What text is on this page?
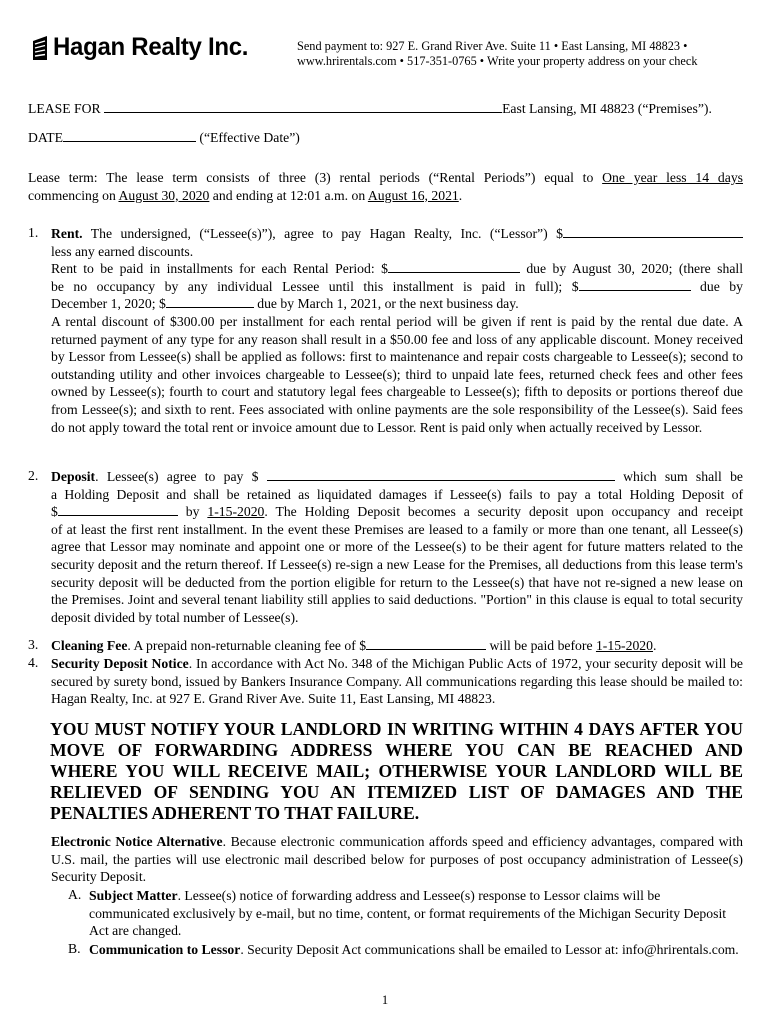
Hagan Realty Inc.	Send payment to: 927 E. Grand River Ave. Suite 11 • East Lansing, MI 48823 •
www.hrirentals.com • 517-351-0765 • Write your property address on your check
LEASE FOR	East Lansing, MI 48823 (“Premises”).
DATE	(“Effective Date”)
Lease term: The lease term consists of three (3) rental periods (“Rental Periods”) equal to One year less 14 days
commencing on August 30, 2020 and ending at 12:01 a.m. on August 16, 2021.
1. Rent. The undersigned, (“Lessee(s)”), agree to pay Hagan Realty, Inc. (“Lessor”) $
less any earned discounts.
Rent to be paid in installments for each Rental Period: $	due by August 30, 2020; (there shall
be no occupancy by any individual Lessee until this installment is paid in full); $	due by
December 1, 2020; $	due by March 1, 2021, or the next business day.
A rental discount of $300.00 per installment for each rental period will be given if rent is paid by the rental due date. A returned payment of any type for any reason shall result in a $50.00 fee and loss of any applicable discount. Money received by Lessor from Lessee(s) shall be applied as follows: first to maintenance and repair costs chargeable to Lessee(s); second to outstanding utility and other invoices chargeable to Lessee(s); third to unpaid late fees, returned check fees and other fees owned by Lessee(s); fourth to court and statutory legal fees chargeable to Lessee(s); fifth to deposits or portions thereof due from Lessee(s); and sixth to rent. Fees associated with online payments are the sole responsibility of the Lessee(s). Said fees do not apply toward the total rent or invoice amount due to Lessor. Rent is paid only when actually received by Lessor.
2. Deposit. Lessee(s) agree to pay $	which sum shall be
a Holding Deposit and shall be retained as liquidated damages if Lessee(s) fails to pay a total Holding Deposit of
$	by 1-15-2020. The Holding Deposit becomes a security deposit upon occupancy and receipt
of at least the first rent installment. In the event these Premises are leased to a family or more than one tenant, all Lessee(s) agree that Lessor may nominate and appoint one or more of the Lessee(s) to be their agent for future matters related to the security deposit and the return thereof. If Lessee(s) re-sign a new Lease for the Premises, all deductions from this lease term's security deposit will be deducted from the portion eligible for return to the Lessee(s) that have not re-signed a new lease on the Premises. Joint and several tenant liability still applies to said deductions. "Portion" in this clause is equal to total security deposit divided by total number of Lessee(s).
3. Cleaning Fee. A prepaid non-returnable cleaning fee of $	will be paid before 1-15-2020.
4. Security Deposit Notice. In accordance with Act No. 348 of the Michigan Public Acts of 1972, your security deposit will be secured by surety bond, issued by Bankers Insurance Company. All communications regarding this lease should be mailed to: Hagan Realty, Inc. at 927 E. Grand River Ave. Suite 11, East Lansing, MI 48823.
YOU MUST NOTIFY YOUR LANDLORD IN WRITING WITHIN 4 DAYS AFTER YOU
MOVE OF FORWARDING ADDRESS WHERE YOU CAN BE REACHED AND
WHERE YOU WILL RECEIVE MAIL; OTHERWISE YOUR LANDLORD WILL BE
RELIEVED OF SENDING YOU AN ITEMIZED LIST OF DAMAGES AND THE
PENALTIES ADHERENT TO THAT FAILURE.
Electronic Notice Alternative. Because electronic communication affords speed and efficiency advantages, compared with U.S. mail, the parties will use electronic mail described below for purposes of post occupancy administration of Lessee(s) Security Deposit.
A. Subject Matter. Lessee(s) notice of forwarding address and Lessee(s) response to Lessor claims will be communicated exclusively by e-mail, but no time, content, or format requirements of the Michigan Security Deposit Act are changed.
B. Communication to Lessor. Security Deposit Act communications shall be emailed to Lessor at: info@hrirentals.com.
1
